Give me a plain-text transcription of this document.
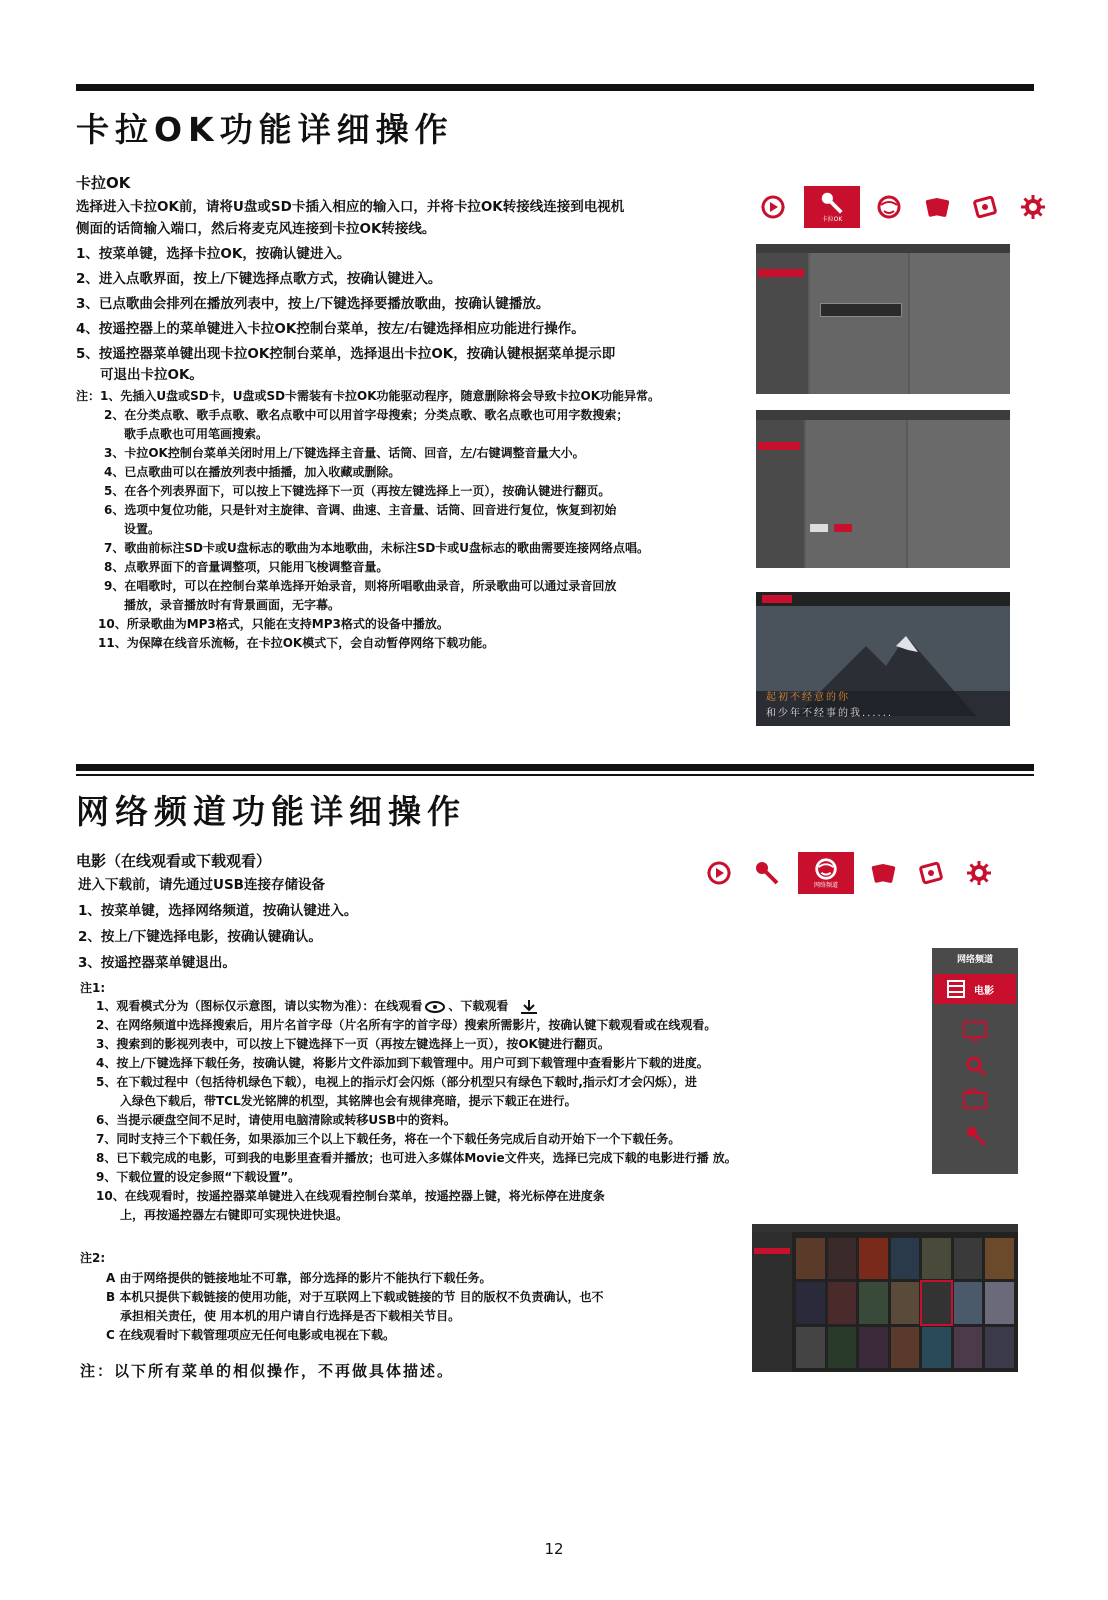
卡拉OK功能详细操作
卡拉OK
选择进入卡拉OK前，请将U盘或SD卡插入相应的输入口，并将卡拉OK转接线连接到电视机
侧面的话筒输入端口，然后将麦克风连接到卡拉OK转接线。
1、按菜单键，选择卡拉OK，按确认键进入。
2、进入点歌界面，按上/下键选择点歌方式，按确认键进入。
3、已点歌曲会排列在播放列表中，按上/下键选择要播放歌曲，按确认键播放。
4、按遥控器上的菜单键进入卡拉OK控制台菜单，按左/右键选择相应功能进行操作。
5、按遥控器菜单键出现卡拉OK控制台菜单，选择退出卡拉OK，按确认键根据菜单提示即
可退出卡拉OK。
注：1、先插入U盘或SD卡，U盘或SD卡需装有卡拉OK功能驱动程序，随意删除将会导致卡拉OK功能异常。
2、在分类点歌、歌手点歌、歌名点歌中可以用首字母搜索；分类点歌、歌名点歌也可用字数搜索；
歌手点歌也可用笔画搜索。
3、卡拉OK控制台菜单关闭时用上/下键选择主音量、话筒、回音，左/右键调整音量大小。
4、已点歌曲可以在播放列表中插播，加入收藏或删除。
5、在各个列表界面下，可以按上下键选择下一页（再按左键选择上一页），按确认键进行翻页。
6、选项中复位功能，只是针对主旋律、音调、曲速、主音量、话筒、回音进行复位，恢复到初始
设置。
7、歌曲前标注SD卡或U盘标志的歌曲为本地歌曲，未标注SD卡或U盘标志的歌曲需要连接网络点唱。
8、点歌界面下的音量调整项，只能用飞梭调整音量。
9、在唱歌时，可以在控制台菜单选择开始录音，则将所唱歌曲录音，所录歌曲可以通过录音回放
播放，录音播放时有背景画面，无字幕。
10、所录歌曲为MP3格式，只能在支持MP3格式的设备中播放。
11、为保障在线音乐流畅，在卡拉OK模式下，会自动暂停网络下载功能。
卡拉OK
起初不经意的你
和少年不经事的我......
网络频道功能详细操作
电影（在线观看或下载观看）
进入下载前，请先通过USB连接存储设备
1、按菜单键，选择网络频道，按确认键进入。
2、按上/下键选择电影，按确认键确认。
3、按遥控器菜单键退出。
注1:
1、观看模式分为（图标仅示意图，请以实物为准）：在线观看 、下载观看
2、在网络频道中选择搜索后，用片名首字母（片名所有字的首字母）搜索所需影片，按确认键下载观看或在线观看。
3、搜索到的影视列表中，可以按上下键选择下一页（再按左键选择上一页），按OK键进行翻页。
4、按上/下键选择下载任务，按确认键，将影片文件添加到下载管理中。用户可到下载管理中查看影片下载的进度。
5、在下载过程中（包括待机绿色下载），电视上的指示灯会闪烁（部分机型只有绿色下载时,指示灯才会闪烁），进
入绿色下载后，带TCL发光铭牌的机型，其铭牌也会有规律亮暗，提示下载正在进行。
6、当提示硬盘空间不足时，请使用电脑清除或转移USB中的资料。
7、同时支持三个下载任务，如果添加三个以上下载任务，将在一个下载任务完成后自动开始下一个下载任务。
8、已下载完成的电影，可到我的电影里查看并播放；也可进入多媒体Movie文件夹，选择已完成下载的电影进行播 放。
9、下载位置的设定参照“下载设置”。
10、在线观看时，按遥控器菜单键进入在线观看控制台菜单，按遥控器上键，将光标停在进度条
上，再按遥控器左右键即可实现快进快退。
注2:
A 由于网络提供的链接地址不可靠，部分选择的影片不能执行下载任务。
B 本机只提供下载链接的使用功能，对于互联网上下载或链接的节 目的版权不负责确认，也不
承担相关责任，使 用本机的用户请自行选择是否下载相关节目。
C 在线观看时下载管理项应无任何电影或电视在下载。
注：以下所有菜单的相似操作，不再做具体描述。
网络频道
网络频道
电影
12
